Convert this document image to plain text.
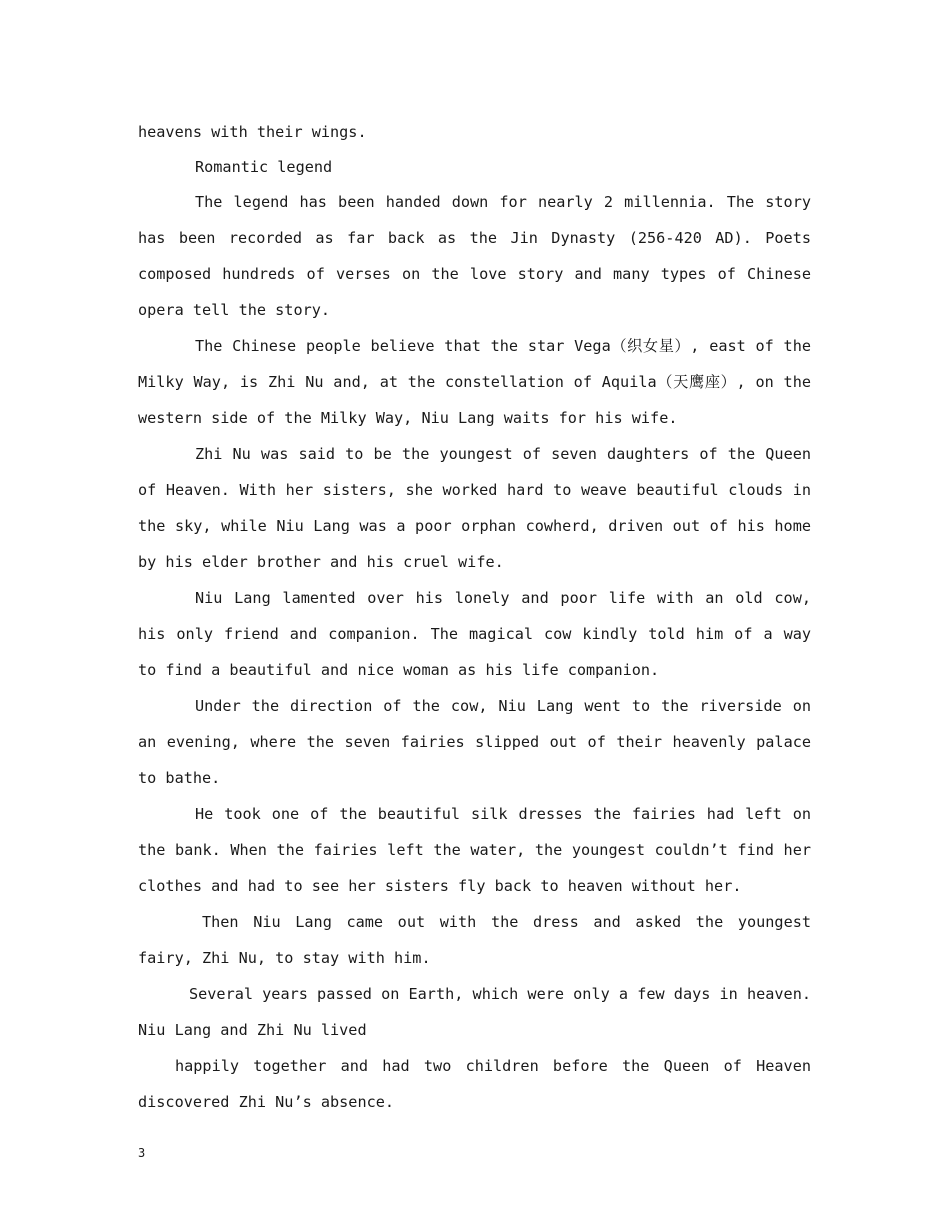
heavens with their wings.

Romantic legend

The legend has been handed down for nearly 2 millennia. The story has been recorded as far back as the Jin Dynasty (256-420 AD). Poets composed hundreds of verses on the love story and many types of Chinese opera tell the story.

The Chinese people believe that the star Vega（织女星）, east of the Milky Way, is Zhi Nu and, at the constellation of Aquila（天鹰座）, on the western side of the Milky Way, Niu Lang waits for his wife.

Zhi Nu was said to be the youngest of seven daughters of the Queen of Heaven. With her sisters, she worked hard to weave beautiful clouds in the sky, while Niu Lang was a poor orphan cowherd, driven out of his home by his elder brother and his cruel wife.

Niu Lang lamented over his lonely and poor life with an old cow, his only friend and companion. The magical cow kindly told him of a way to find a beautiful and nice woman as his life companion.

Under the direction of the cow, Niu Lang went to the riverside on an evening, where the seven fairies slipped out of their heavenly palace to bathe.

He took one of the beautiful silk dresses the fairies had left on the bank. When the fairies left the water, the youngest couldn’t find her clothes and had to see her sisters fly back to heaven without her.

Then Niu Lang came out with the dress and asked the youngest fairy, Zhi Nu, to stay with him.

Several years passed on Earth, which were only a few days in heaven. Niu Lang and Zhi Nu lived

happily together and had two children before the Queen of Heaven discovered Zhi Nu’s absence.

3
